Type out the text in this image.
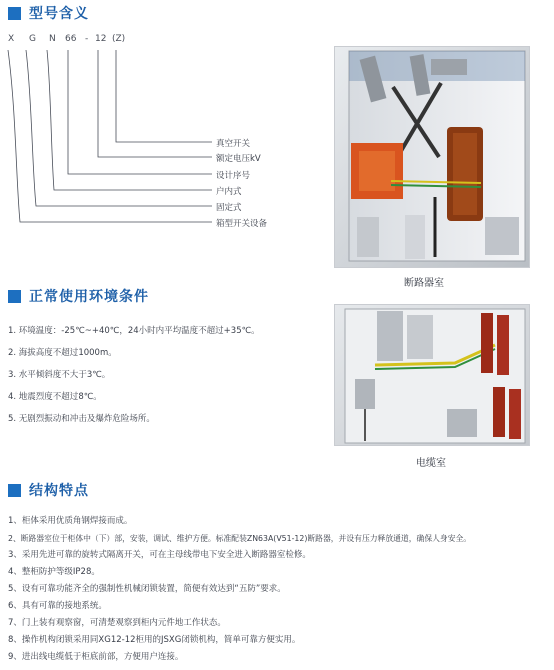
型号含义
X G N 66 - 12 (Z)
真空开关
额定电压kV
设计序号
户内式
固定式
箱型开关设备
断路器室
正常使用环境条件
1. 环境温度：-25℃~+40℃，24小时内平均温度不超过+35℃。
2. 海拔高度不超过1000m。
3. 水平倾斜度不大于3℃。
4. 地震烈度不超过8℃。
5. 无剧烈振动和冲击及爆炸危险场所。
电缆室
结构特点
1、柜体采用优质角钢焊接而成。
2、断路器室位于柜体中（下）部，安装，调试、维护方便。标准配装ZN63A(V51-12)断路器，并设有压力释放通道，确保人身安全。
3、采用先进可靠的旋转式隔离开关，可在主母线带电下安全进入断路器室检修。
4、整柜防护等级IP28。
5、设有可靠功能齐全的强制性机械闭锁装置，简便有效达到“五防”要求。
6、具有可靠的接地系统。
7、门上装有观察窗，可清楚观察到柜内元件地工作状态。
8、操作机构闭锁采用同XG12-12柜用的JSXG闭锁机构，简单可靠方便实用。
9、进出线电缆低于柜底前部，方便用户连接。
